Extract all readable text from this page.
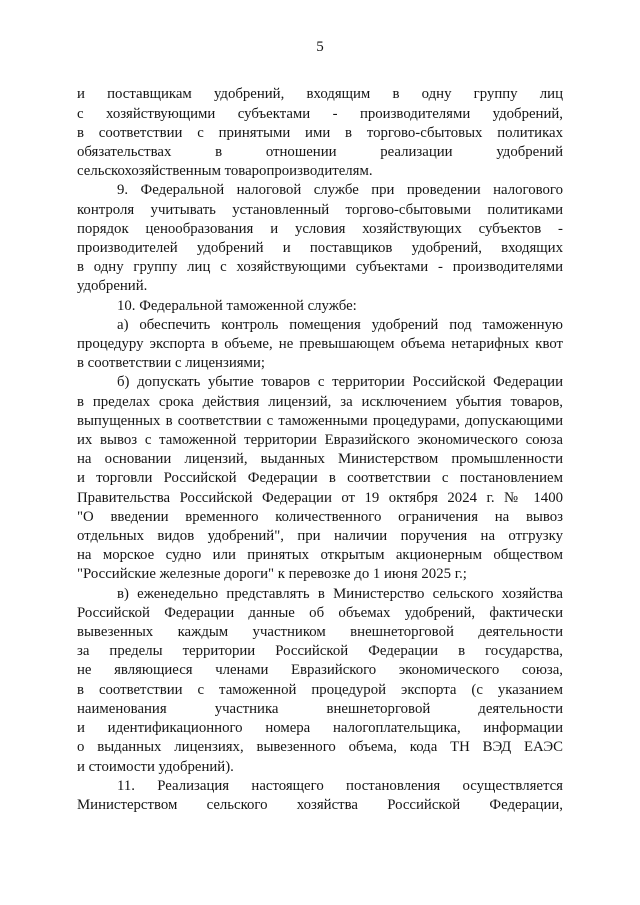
5
и поставщикам удобрений, входящим в одну группу лиц
с хозяйствующими субъектами - производителями удобрений,
в соответствии с принятыми ими в торгово-сбытовых политиках
обязательствах в отношении реализации удобрений
сельскохозяйственным товаропроизводителям.
9. Федеральной налоговой службе при проведении налогового
контроля учитывать установленный торгово-сбытовыми политиками
порядок ценообразования и условия хозяйствующих субъектов -
производителей удобрений и поставщиков удобрений, входящих
в одну группу лиц с хозяйствующими субъектами - производителями
удобрений.
10. Федеральной таможенной службе:
а) обеспечить контроль помещения удобрений под таможенную
процедуру экспорта в объеме, не превышающем объема нетарифных квот
в соответствии с лицензиями;
б) допускать убытие товаров с территории Российской Федерации
в пределах срока действия лицензий, за исключением убытия товаров,
выпущенных в соответствии с таможенными процедурами, допускающими
их вывоз с таможенной территории Евразийского экономического союза
на основании лицензий, выданных Министерством промышленности
и торговли Российской Федерации в соответствии с постановлением
Правительства Российской Федерации от 19 октября 2024 г. № 1400
"О введении временного количественного ограничения на вывоз
отдельных видов удобрений", при наличии поручения на отгрузку
на морское судно или принятых открытым акционерным обществом
"Российские железные дороги" к перевозке до 1 июня 2025 г.;
в) еженедельно представлять в Министерство сельского хозяйства
Российской Федерации данные об объемах удобрений, фактически
вывезенных каждым участником внешнеторговой деятельности
за пределы территории Российской Федерации в государства,
не являющиеся членами Евразийского экономического союза,
в соответствии с таможенной процедурой экспорта (с указанием
наименования участника внешнеторговой деятельности
и идентификационного номера налогоплательщика, информации
о выданных лицензиях, вывезенного объема, кода ТН ВЭД ЕАЭС
и стоимости удобрений).
11. Реализация настоящего постановления осуществляется
Министерством сельского хозяйства Российской Федерации,
